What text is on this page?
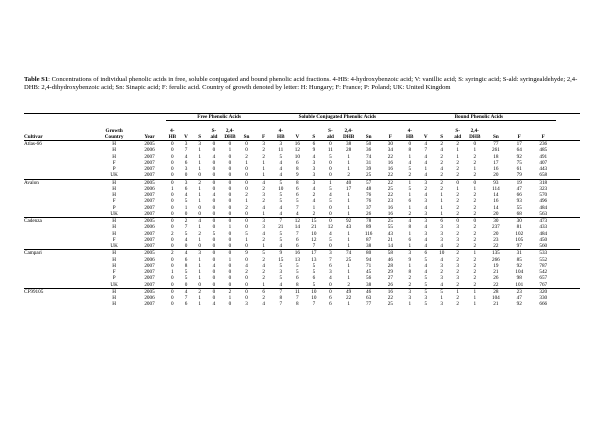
Table S1: Concentrations of individual phenolic acids in free, soluble conjugated and bound phenolic acid fractions. 4-HB: 4-hydroxybenzoic acid; V: vanillic acid; S: syringic acid; S-ald: syringealdehyde; 2,4-DHB: 2,4-dihydroxybenzoic acid; Sn: Sinapic acid; F: ferulic acid. Country of growth denoted by letter: H: Hungary; F: France; P: Poland; UK: United Kingdom
			Free Phenolic Acids							Soluble Conjugated Phenolic Acids							Bound Phenolic Acids								

	Growth		4-			S-	2,4-			4-			S-	2,4-			4-			S-	2,4-				
Cultivar	Country	Year	HB	V	S	ald	DHB	Sn	F	HB	V	S	ald	DHB	Sn	F	HB	V	S	ald	DHB	Sn	F	F	
Atlas-66	H	2005	0	3	3	0	0	0	3	3	16	6	0	38	50	30	0	4	2	2	0	77	17	236	
	H	2006	0	7	1	0	1	0	2	11	12	9	11	28	36	34	8	7	4	1	1	261	64	485	
	H	2007	0	4	1	4	0	2	2	5	10	4	5	1	74	22	1	4	2	1	2	18	92	491	
	F	2007	0	6	1	0	0	1	1	4	6	3	0	1	31	16	4	4	2	2	2	17	75	407	
	P	2007	0	3	1	0	0	0	1	4	8	3	0	1	39	16	5	1	4	2	1	16	61	443	
	UK	2007	0	0	0	0	0	0	1	4	9	3	0	2	25	22	2	4	2	2	2	20	79	658	
Avalon	H	2005	0	3	2	0	0	0	4	5	8	3	1	40	57	22	1	3	2	0	0	93	19	318	
	H	2006	1	6	1	0	0	0	2	10	6	4	5	17	48	25	5	2	2	1	1	114	47	323	
	H	2007	0	4	1	4	0	2	3	5	6	2	4	1	76	22	1	4	1	2	2	14	66	570	
	F	2007	0	5	1	0	0	1	2	5	5	4	5	1	76	23	6	3	1	2	2	16	93	496	
	P	2007	0	1	0	0	0	2	4	4	7	1	0	1	37	16	1	4	1	2	2	14	55	484	
	UK	2007	0	0	0	0	0	0	1	4	4	2	0	1	26	16	2	3	1	2	2	20	68	563	
Cadenza	H	2005	0	2	4	0	0	0	3	7	12	15	0	92	78	25	4	3	6	0	0	30	30	473	
	H	2006	0	7	1	0	1	0	3	21	14	21	12	43	89	55	8	4	3	3	2	237	81	433	
	H	2007	2	5	2	5	0	5	4	5	7	10	4	1	116	43	1	3	3	2	2	20	102	484	
	F	2007	0	4	1	0	0	1	2	5	6	12	5	1	87	21	6	4	3	3	2	23	105	450	
	UK	2007	0	0	0	0	0	0	1	4	6	7	0	1	38	14	1	4	4	2	2	22	97	560	
Campari	H	2005	2	4	3	0	0	9	5	9	16	17	3	74	80	58	3	6	10	2	1	135	31	533	
	H	2006	0	6	1	0	1	0	2	15	13	13	7	25	94	46	9	5	4	2	2	266	85	552	
	H	2007	0	8	1	4	0	4	4	5	5	5	6	1	71	28	1	4	3	3	2	19	92	787	
	F	2007	1	5	1	0	0	2	2	3	5	5	3	1	45	29	8	4	2	2	2	21	104	542	
	P	2007	0	5	1	0	0	0	2	5	6	6	4	1	56	27	2	5	3	3	2	26	98	657	
	UK	2007	0	0	0	0	0	0	1	4	8	5	0	2	38	26	2	5	4	2	2	22	101	767	
CF99105	H	2005	0	4	2	0	2	0	6	7	11	10	0	49	46	16	3	5	5	1	1	28	23	320	
	H	2006	0	7	1	0	1	0	2	8	7	10	6	22	63	22	3	3	1	2	1	104	47	330	
	H	2007	0	6	1	4	0	3	4	7	8	7	6	1	77	25	1	5	3	2	1	21	92	666	
